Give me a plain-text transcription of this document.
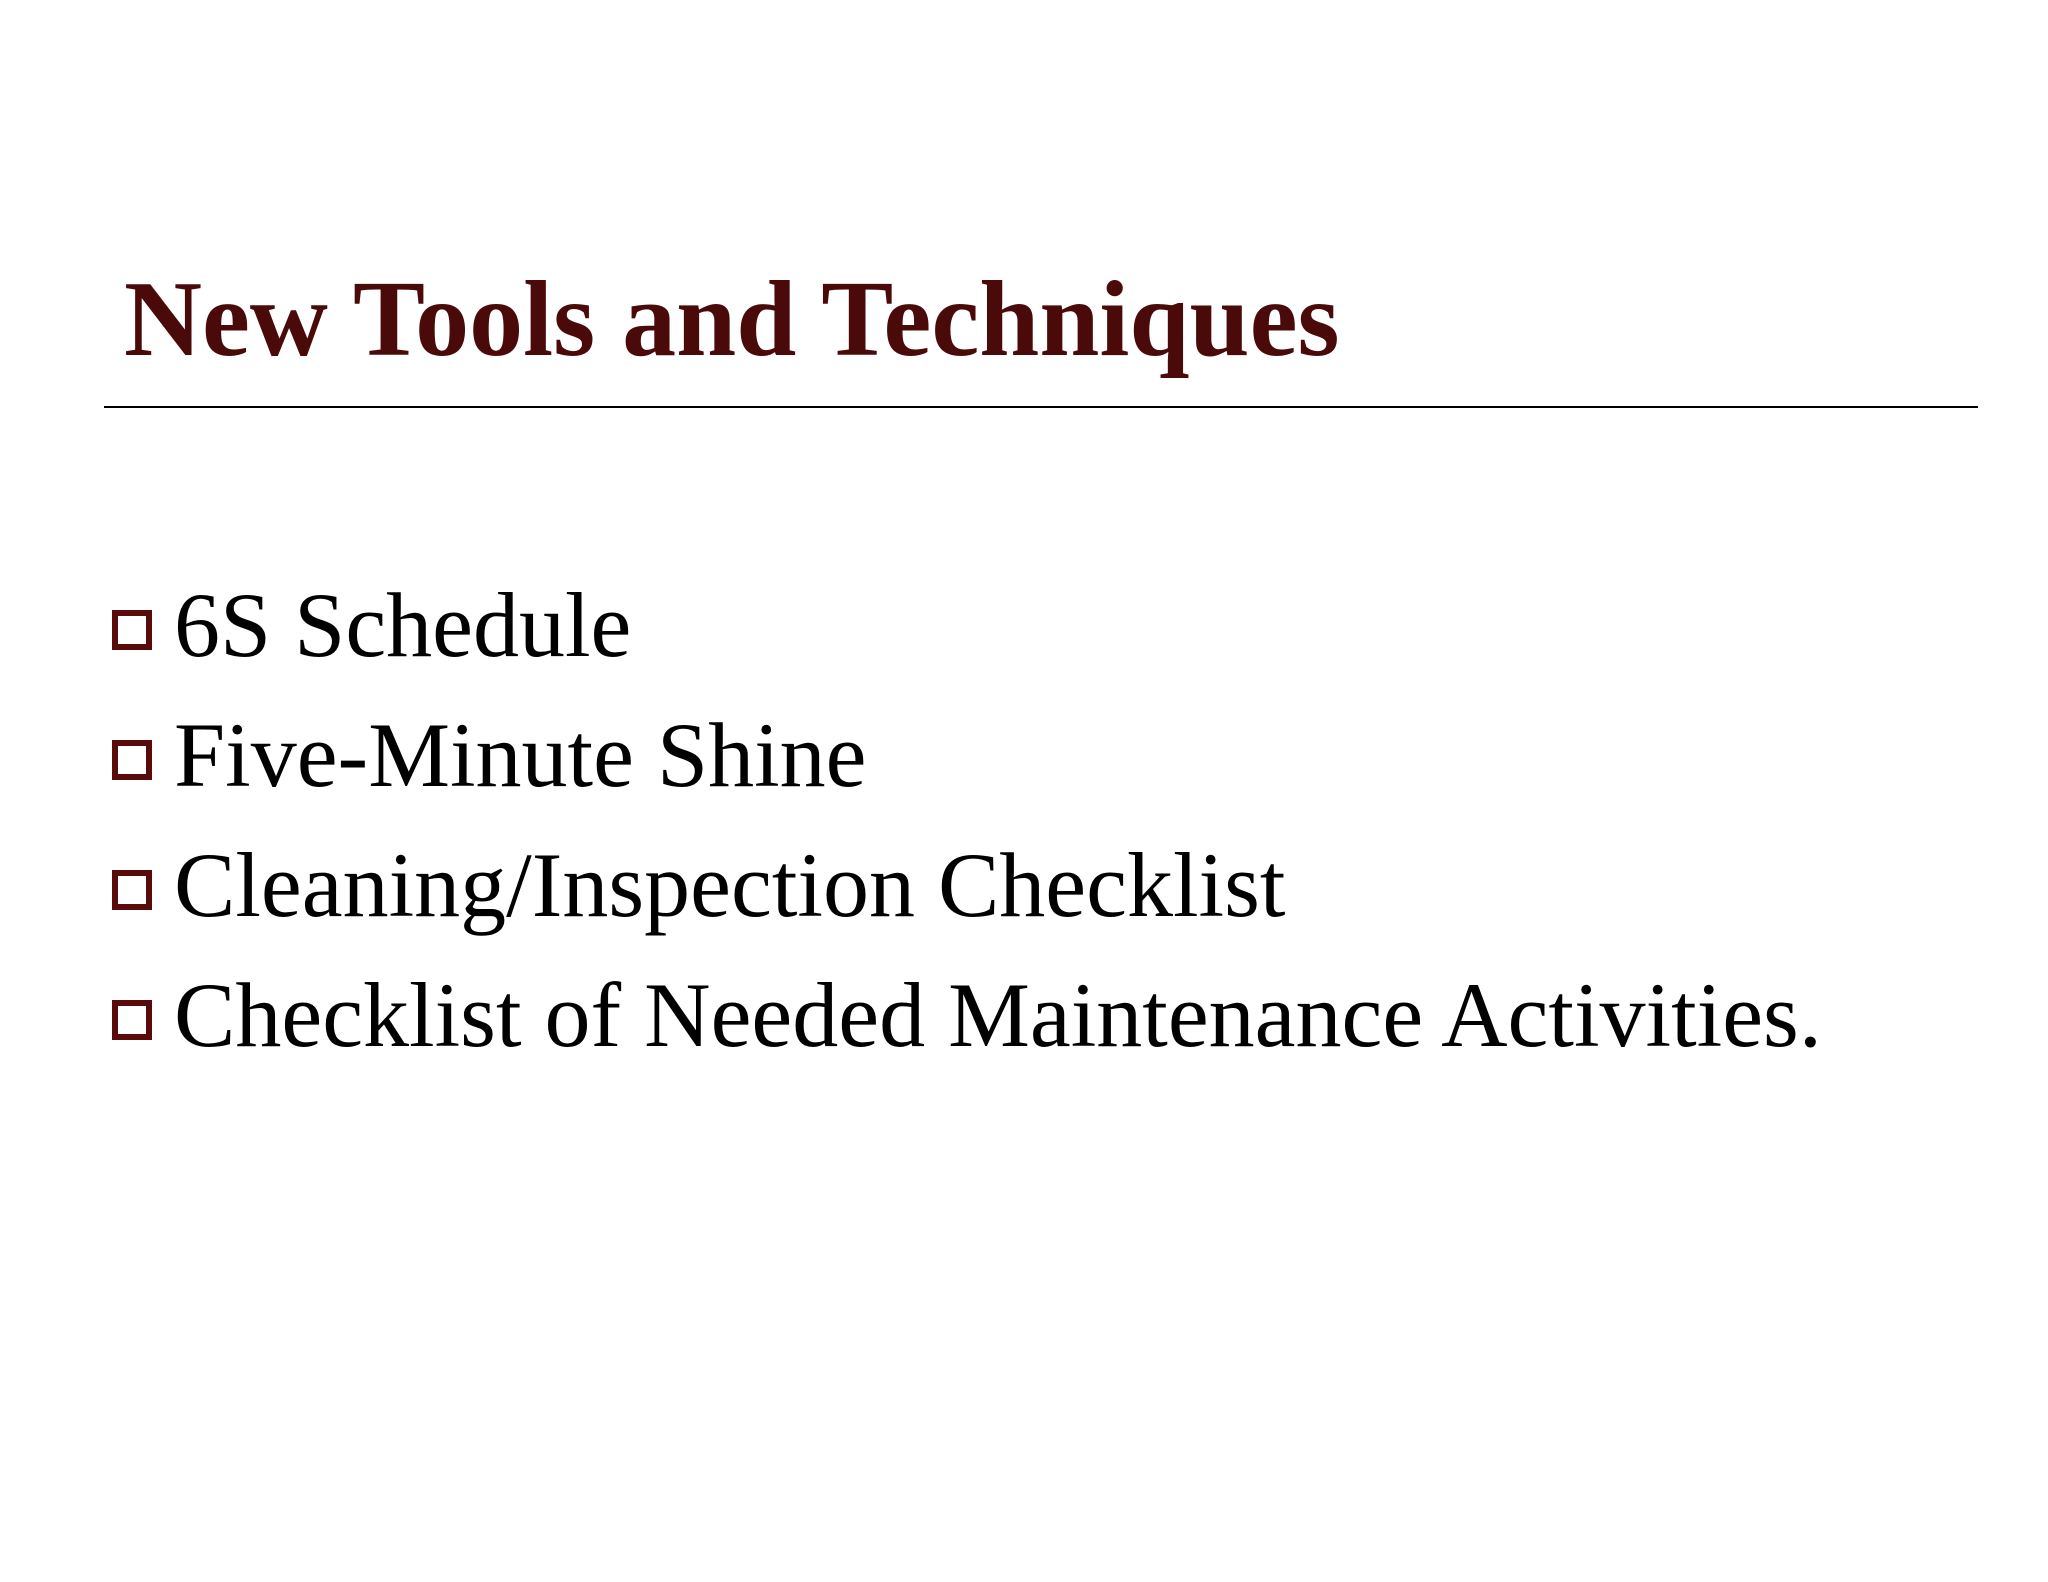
New Tools and Techniques
6S Schedule
Five-Minute Shine
Cleaning/Inspection Checklist
Checklist of Needed Maintenance Activities.
